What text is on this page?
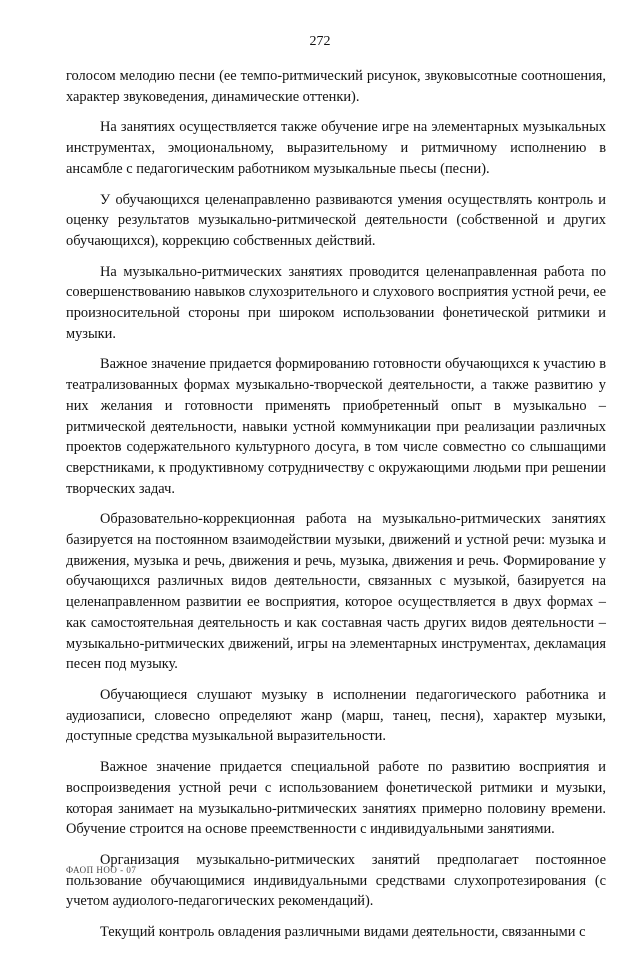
272

голосом мелодию песни (ее темпо-ритмический рисунок, звуковысотные соотношения, характер звуковедения, динамические оттенки).

На занятиях осуществляется также обучение игре на элементарных музыкальных инструментах, эмоциональному, выразительному и ритмичному исполнению в ансамбле с педагогическим работником музыкальные пьесы (песни).

У обучающихся целенаправленно развиваются умения осуществлять контроль и оценку результатов музыкально-ритмической деятельности (собственной и других обучающихся), коррекцию собственных действий.

На музыкально-ритмических занятиях проводится целенаправленная работа по совершенствованию навыков слухозрительного и слухового восприятия устной речи, ее произносительной стороны при широком использовании фонетической ритмики и музыки.

Важное значение придается формированию готовности обучающихся к участию в театрализованных формах музыкально-творческой деятельности, а также развитию у них желания и готовности применять приобретенный опыт в музыкально –ритмической деятельности, навыки устной коммуникации при реализации различных проектов содержательного культурного досуга, в том числе совместно со слышащими сверстниками, к продуктивному сотрудничеству с окружающими людьми при решении творческих задач.

Образовательно-коррекционная работа на музыкально-ритмических занятиях базируется на постоянном взаимодействии музыки, движений и устной речи: музыка и движения, музыка и речь, движения и речь, музыка, движения и речь. Формирование у обучающихся различных видов деятельности, связанных с музыкой, базируется на целенаправленном развитии ее восприятия, которое осуществляется в двух формах – как самостоятельная деятельность и как составная часть других видов деятельности – музыкально-ритмических движений, игры на элементарных инструментах, декламация песен под музыку.

Обучающиеся слушают музыку в исполнении педагогического работника и аудиозаписи, словесно определяют жанр (марш, танец, песня), характер музыки, доступные средства музыкальной выразительности.

Важное значение придается специальной работе по развитию восприятия и воспроизведения устной речи с использованием фонетической ритмики и музыки, которая занимает на музыкально-ритмических занятиях примерно половину времени. Обучение строится на основе преемственности с индивидуальными занятиями.

Организация музыкально-ритмических занятий предполагает постоянное пользование обучающимися индивидуальными средствами слухопротезирования (с учетом аудиолого-педагогических рекомендаций).

Текущий контроль овладения различными видами деятельности, связанными с

ФАОП НОО - 07
